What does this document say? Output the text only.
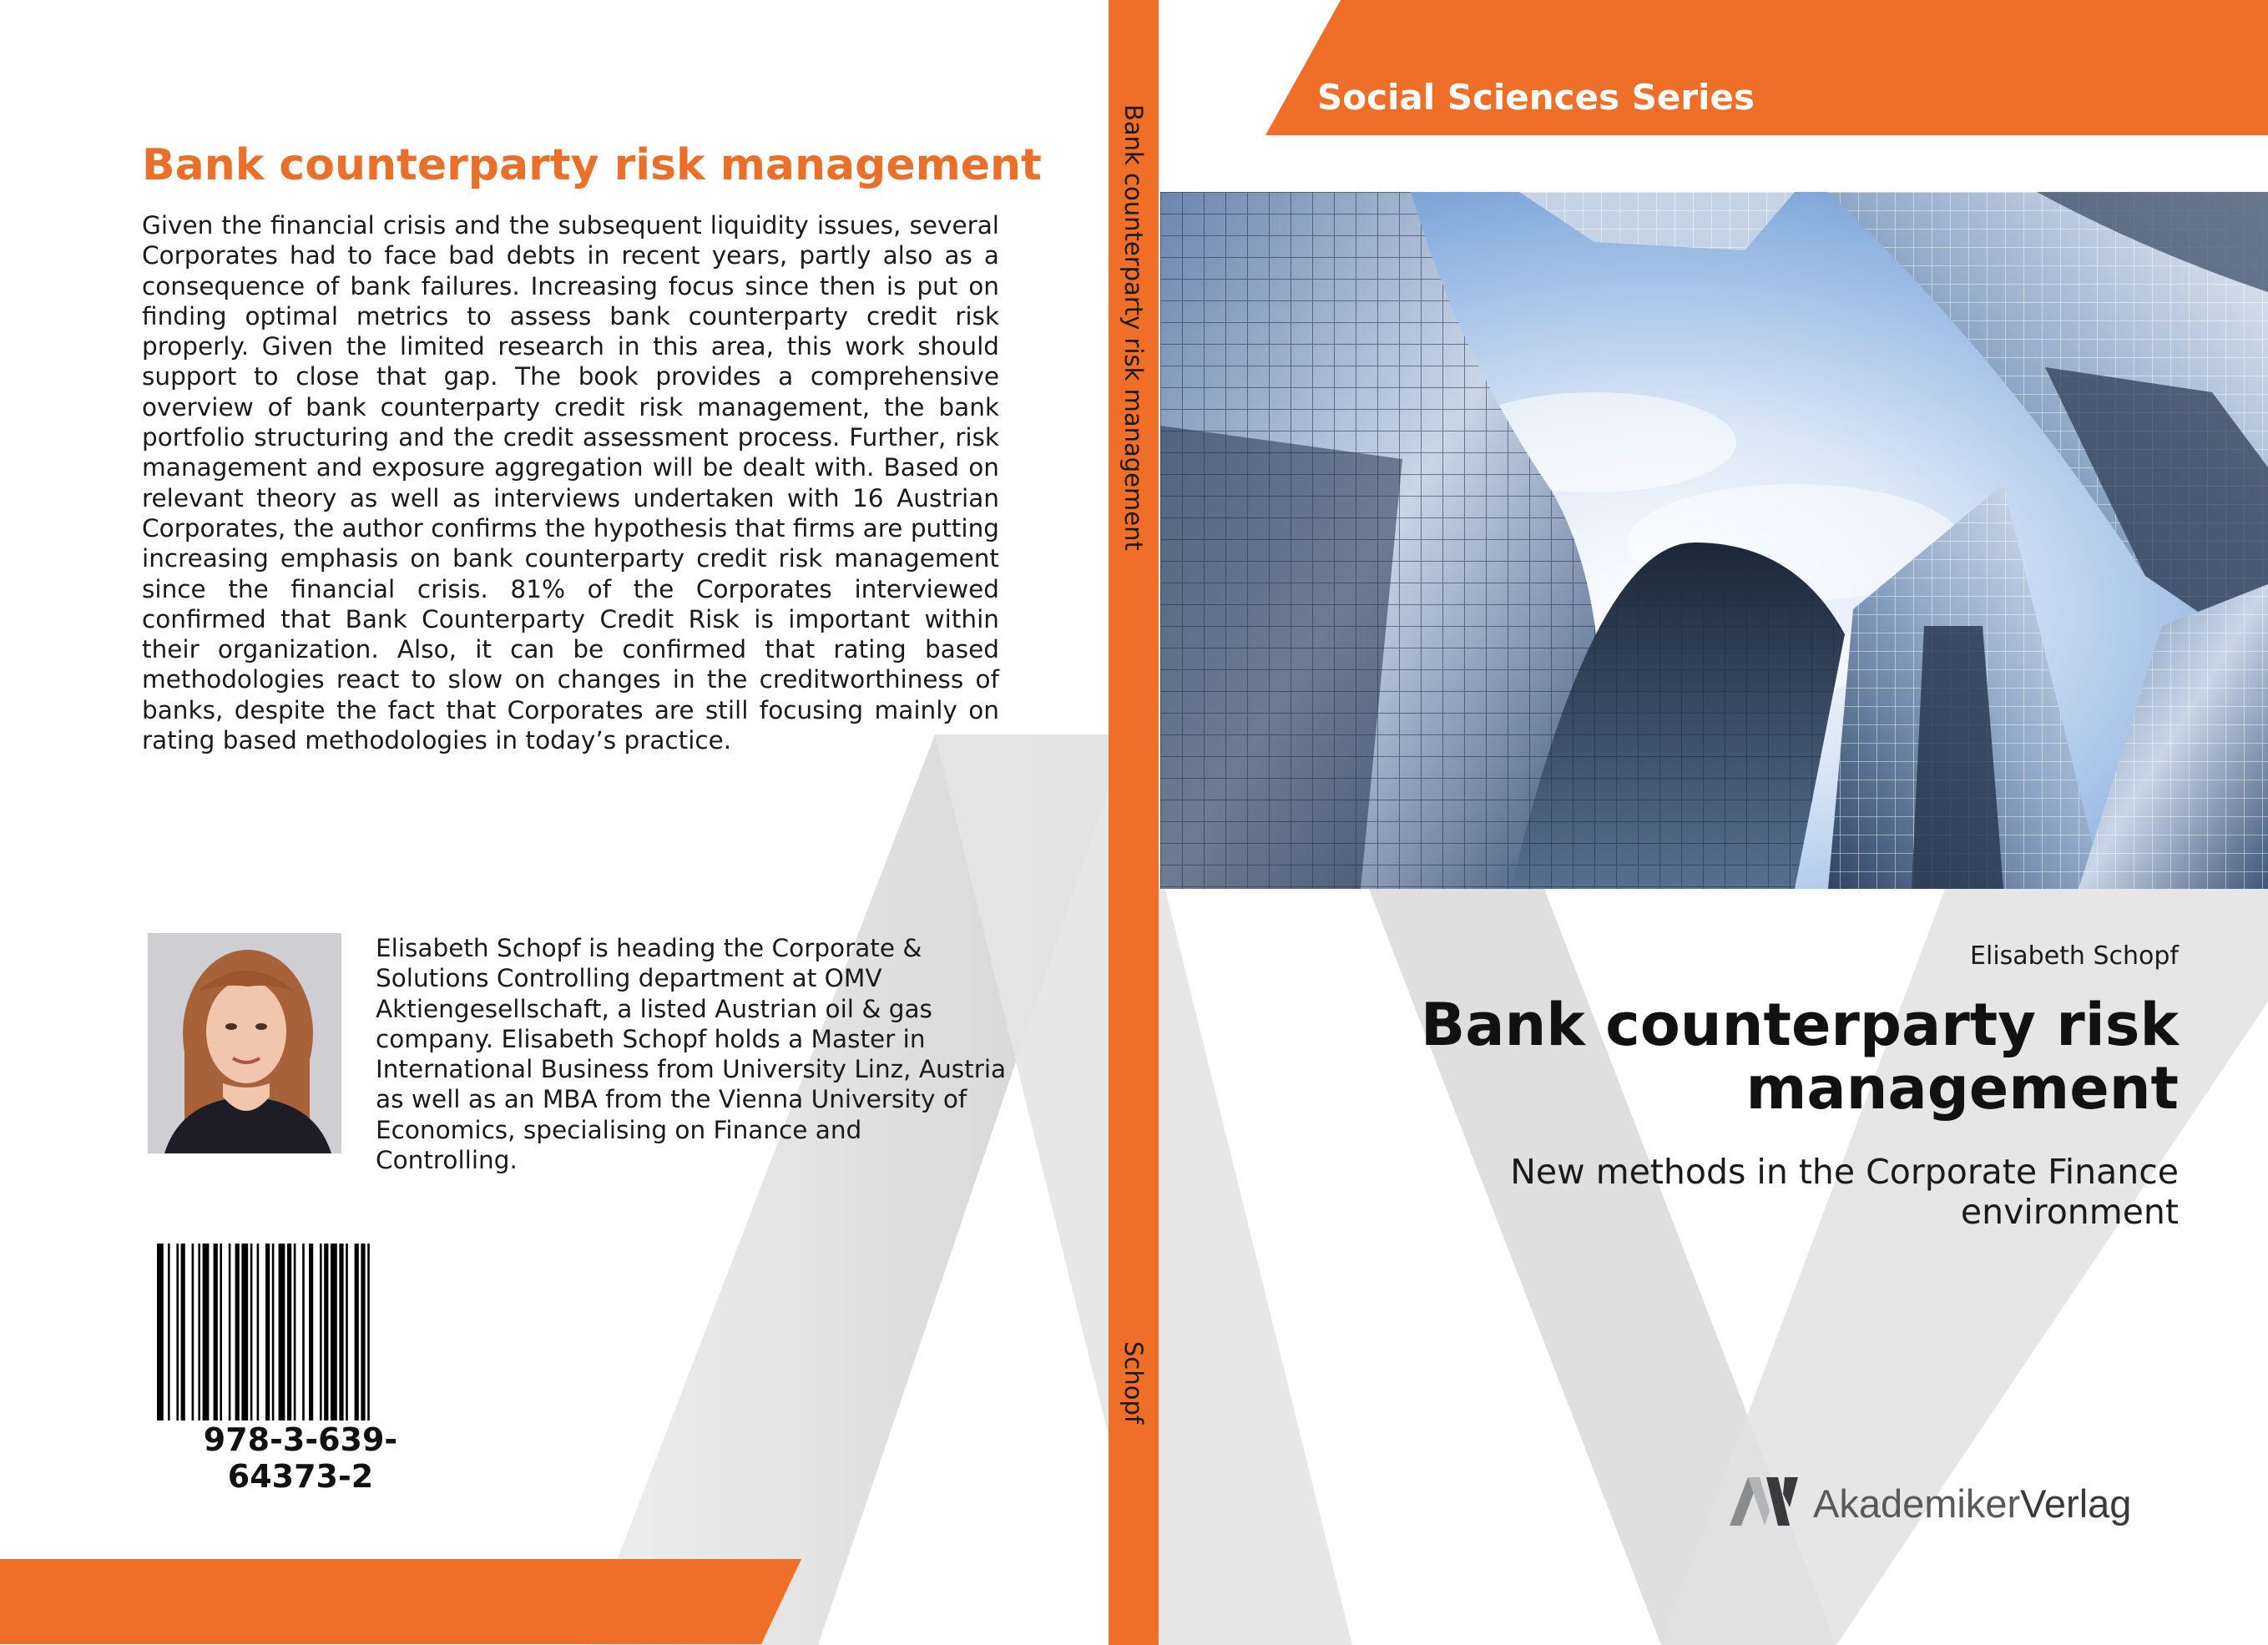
Bank counterparty risk management

Given the financial crisis and the subsequent liquidity issues, several Corporates had to face bad debts in recent years, partly also as a consequence of bank failures. Increasing focus since then is put on finding optimal metrics to assess bank counterparty credit risk properly. Given the limited research in this area, this work should support to close that gap. The book provides a comprehensive overview of bank counterparty credit risk management, the bank portfolio structuring and the credit assessment process. Further, risk management and exposure aggregation will be dealt with. Based on relevant theory as well as interviews undertaken with 16 Austrian Corporates, the author confirms the hypothesis that firms are putting increasing emphasis on bank counterparty credit risk management since the financial crisis. 81% of the Corporates interviewed confirmed that Bank Counterparty Credit Risk is important within their organization. Also, it can be confirmed that rating based methodologies react to slow on changes in the creditworthiness of banks, despite the fact that Corporates are still focusing mainly on rating based methodologies in today’s practice.

Elisabeth Schopf is heading the Corporate & Solutions Controlling department at OMV Aktiengesellschaft, a listed Austrian oil & gas company. Elisabeth Schopf holds a Master in International Business from University Linz, Austria as well as an MBA from the Vienna University of Economics, specialising on Finance and Controlling.

978-3-639-64373-2

Bank counterparty risk management
Schopf

Social Sciences Series

Elisabeth Schopf

Bank counterparty risk
management

New methods in the Corporate Finance
environment

AkademikerVerlag
